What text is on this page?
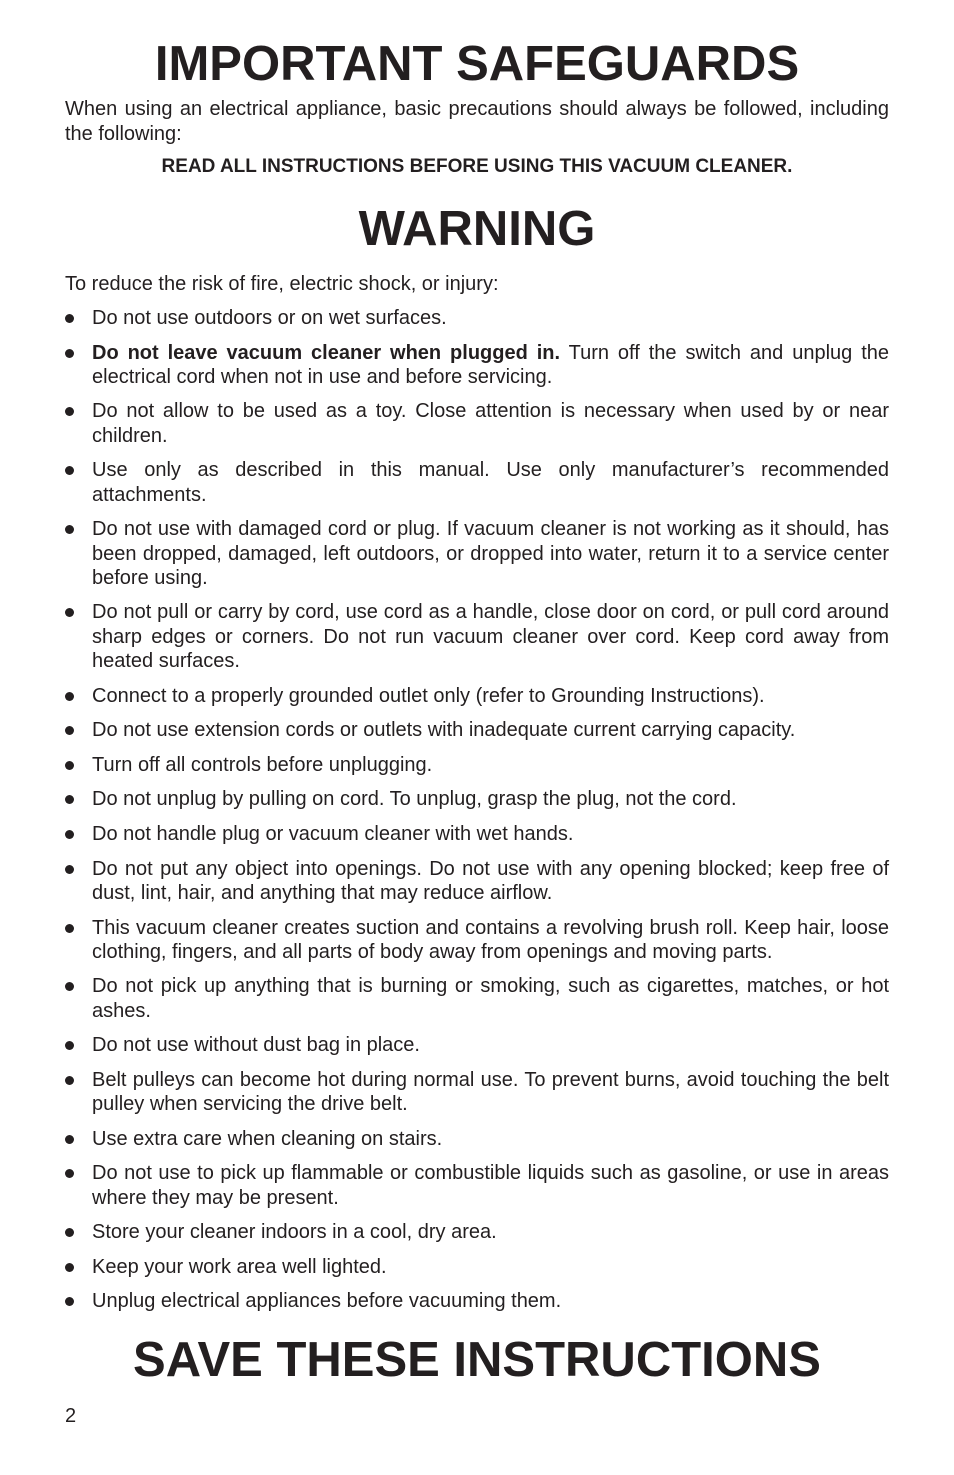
IMPORTANT SAFEGUARDS

When using an electrical appliance, basic precautions should always be followed, including the following:

READ ALL INSTRUCTIONS BEFORE USING THIS VACUUM CLEANER.

WARNING

To reduce the risk of fire, electric shock, or injury:

Do not use outdoors or on wet surfaces.
Do not leave vacuum cleaner when plugged in. Turn off the switch and unplug the electrical cord when not in use and before servicing.
Do not allow to be used as a toy. Close attention is necessary when used by or near children.
Use only as described in this manual. Use only manufacturer’s recommended attachments.
Do not use with damaged cord or plug. If vacuum cleaner is not working as it should, has been dropped, damaged, left outdoors, or dropped into water, return it to a service center before using.
Do not pull or carry by cord, use cord as a handle, close door on cord, or pull cord around sharp edges or corners. Do not run vacuum cleaner over cord. Keep cord away from heated surfaces.
Connect to a properly grounded outlet only (refer to Grounding Instructions).
Do not use extension cords or outlets with inadequate current carrying capacity.
Turn off all controls before unplugging.
Do not unplug by pulling on cord. To unplug, grasp the plug, not the cord.
Do not handle plug or vacuum cleaner with wet hands.
Do not put any object into openings. Do not use with any opening blocked; keep free of dust, lint, hair, and anything that may reduce airflow.
This vacuum cleaner creates suction and contains a revolving brush roll. Keep hair, loose clothing, fingers, and all parts of body away from openings and moving parts.
Do not pick up anything that is burning or smoking, such as cigarettes, matches, or hot ashes.
Do not use without dust bag in place.
Belt pulleys can become hot during normal use. To prevent burns, avoid touching the belt pulley when servicing the drive belt.
Use extra care when cleaning on stairs.
Do not use to pick up flammable or combustible liquids such as gasoline, or use in areas where they may be present.
Store your cleaner indoors in a cool, dry area.
Keep your work area well lighted.
Unplug electrical appliances before vacuuming them.
SAVE THESE INSTRUCTIONS

2
